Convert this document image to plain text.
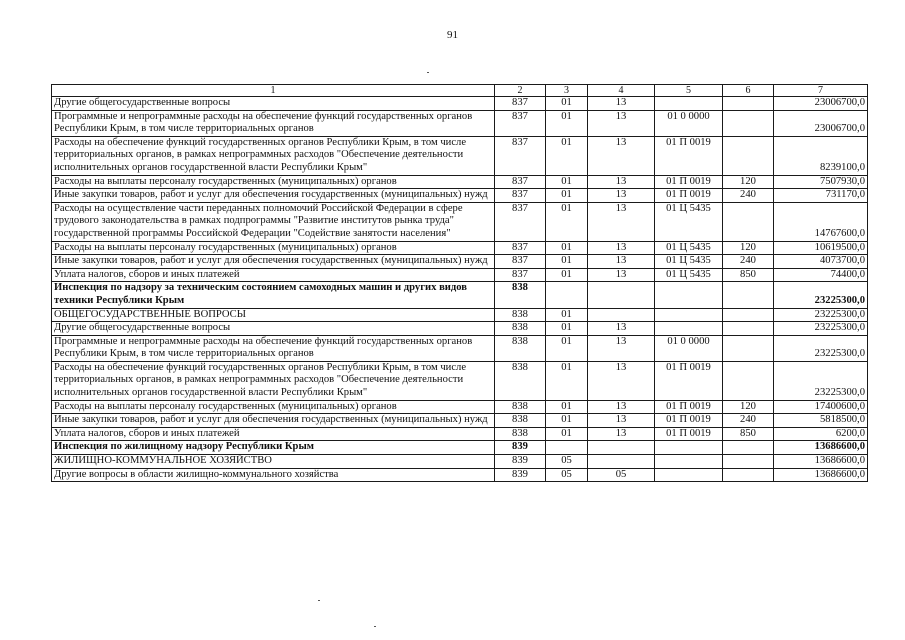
91
1	2	3	4	5	6	7
Другие общегосударственные вопросы	837	01	13			23006700,0
Программные и непрограммные расходы на обеспечение функций государственных органов Республики Крым, в том числе территориальных органов	837	01	13	01 0 0000		23006700,0
Расходы на обеспечение функций государственных органов Республики Крым, в том числе территориальных органов, в рамках непрограммных расходов "Обеспечение деятельности исполнительных органов государственной власти Республики Крым"	837	01	13	01 П 0019		8239100,0
Расходы на выплаты персоналу государственных (муниципальных) органов	837	01	13	01 П 0019	120	7507930,0
Иные закупки товаров, работ и услуг для обеспечения государственных (муниципальных) нужд	837	01	13	01 П 0019	240	731170,0
Расходы на осуществление части переданных полномочий Российской Федерации в сфере трудового законодательства в рамках подпрограммы "Развитие институтов рынка труда" государственной программы Российской Федерации "Содействие занятости населения"	837	01	13	01 Ц 5435		14767600,0
Расходы на выплаты персоналу государственных (муниципальных) органов	837	01	13	01 Ц 5435	120	10619500,0
Иные закупки товаров, работ и услуг для обеспечения государственных (муниципальных) нужд	837	01	13	01 Ц 5435	240	4073700,0
Уплата налогов, сборов и иных платежей	837	01	13	01 Ц 5435	850	74400,0
Инспекция по надзору за техническим состоянием самоходных машин и других видов техники Республики Крым	838					23225300,0
ОБЩЕГОСУДАРСТВЕННЫЕ ВОПРОСЫ	838	01				23225300,0
Другие общегосударственные вопросы	838	01	13			23225300,0
Программные и непрограммные расходы на обеспечение функций государственных органов Республики Крым, в том числе территориальных органов	838	01	13	01 0 0000		23225300,0
Расходы на обеспечение функций государственных органов Республики Крым, в том числе территориальных органов, в рамках непрограммных расходов "Обеспечение деятельности исполнительных органов государственной власти Республики Крым"	838	01	13	01 П 0019		23225300,0
Расходы на выплаты персоналу государственных (муниципальных) органов	838	01	13	01 П 0019	120	17400600,0
Иные закупки товаров, работ и услуг для обеспечения государственных (муниципальных) нужд	838	01	13	01 П 0019	240	5818500,0
Уплата налогов, сборов и иных платежей	838	01	13	01 П 0019	850	6200,0
Инспекция по жилищному надзору Республики Крым	839					13686600,0
ЖИЛИЩНО-КОММУНАЛЬНОЕ ХОЗЯЙСТВО	839	05				13686600,0
Другие вопросы в области жилищно-коммунального хозяйства	839	05	05			13686600,0
